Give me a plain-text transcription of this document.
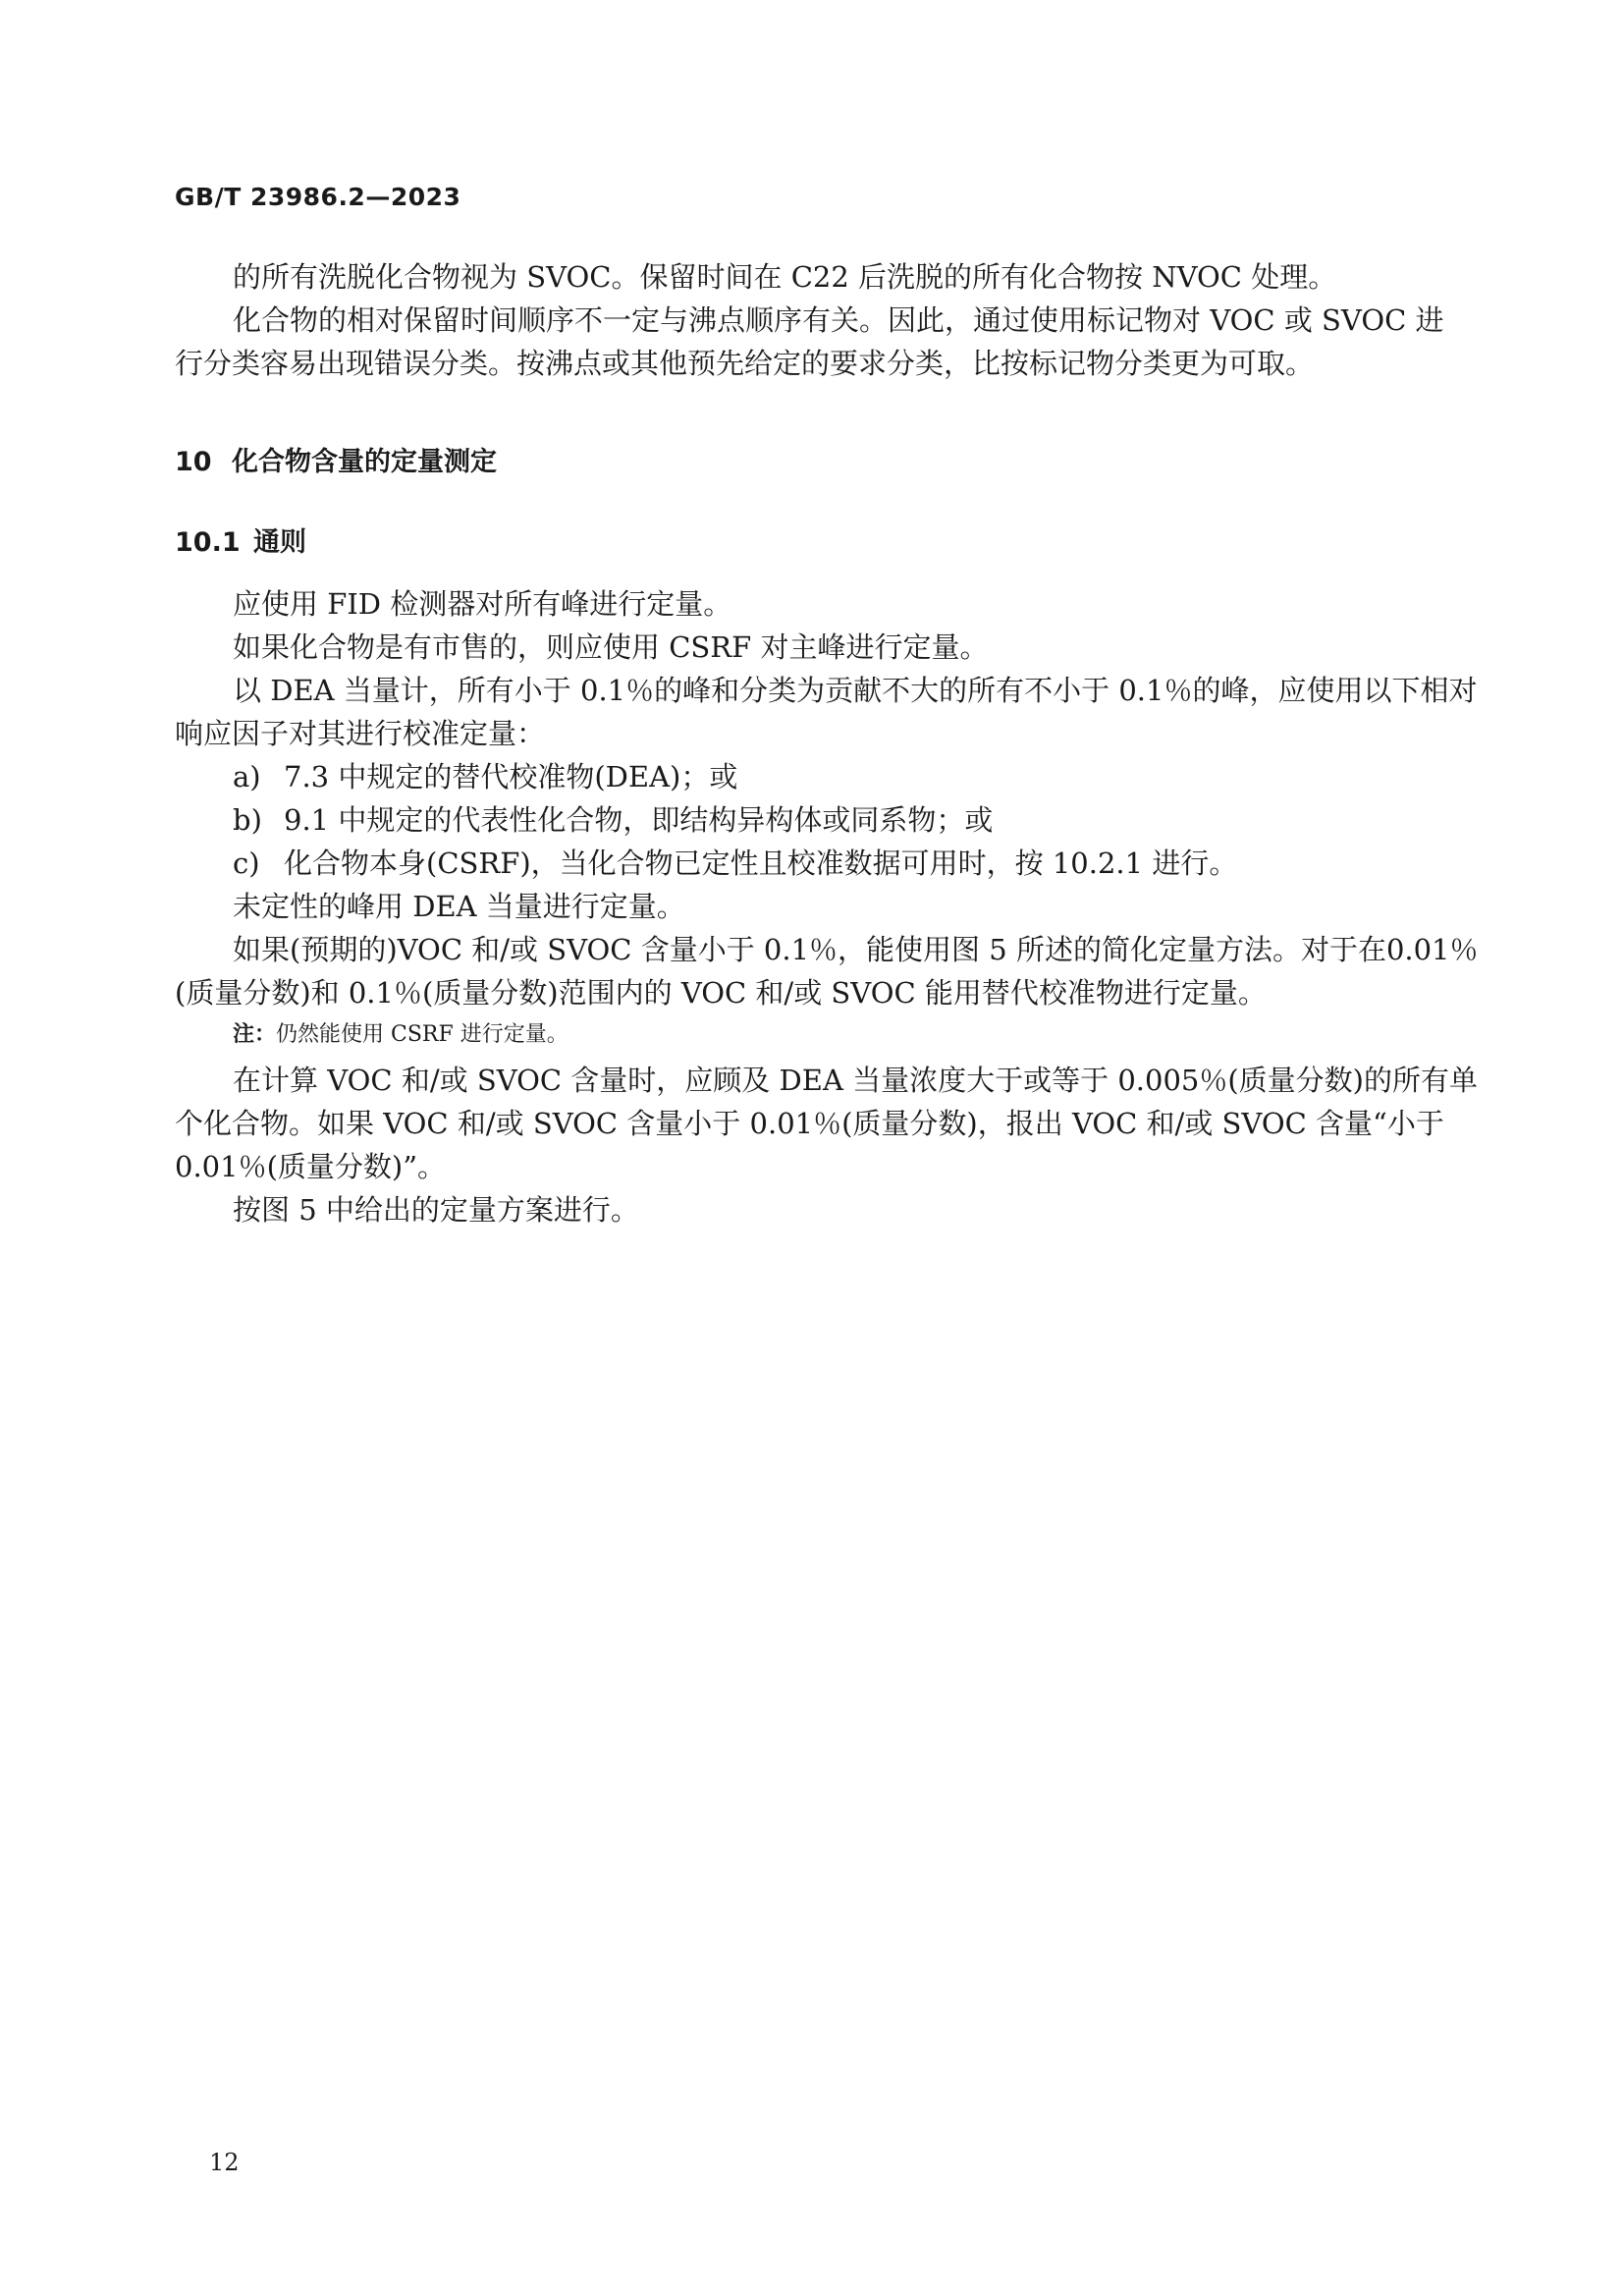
GB/T 23986.2—2023
的所有洗脱化合物视为 SVOC。保留时间在 C22 后洗脱的所有化合物按 NVOC 处理。
化合物的相对保留时间顺序不一定与沸点顺序有关。因此，通过使用标记物对 VOC 或 SVOC 进
行分类容易出现错误分类。按沸点或其他预先给定的要求分类，比按标记物分类更为可取。
10 化合物含量的定量测定
10.1 通则
应使用 FID 检测器对所有峰进行定量。
如果化合物是有市售的，则应使用 CSRF 对主峰进行定量。
以 DEA 当量计，所有小于 0.1％的峰和分类为贡献不大的所有不小于 0.1％的峰，应使用以下相对
响应因子对其进行校准定量：
a) 7.3 中规定的替代校准物(DEA)；或
b) 9.1 中规定的代表性化合物，即结构异构体或同系物；或
c) 化合物本身(CSRF)，当化合物已定性且校准数据可用时，按 10.2.1 进行。
未定性的峰用 DEA 当量进行定量。
如果(预期的)VOC 和/或 SVOC 含量小于 0.1％，能使用图 5 所述的简化定量方法。对于在0.01％
(质量分数)和 0.1％(质量分数)范围内的 VOC 和/或 SVOC 能用替代校准物进行定量。
注：仍然能使用 CSRF 进行定量。
在计算 VOC 和/或 SVOC 含量时，应顾及 DEA 当量浓度大于或等于 0.005％(质量分数)的所有单
个化合物。如果 VOC 和/或 SVOC 含量小于 0.01％(质量分数)，报出 VOC 和/或 SVOC 含量“小于
0.01％(质量分数)”。
按图 5 中给出的定量方案进行。
12
